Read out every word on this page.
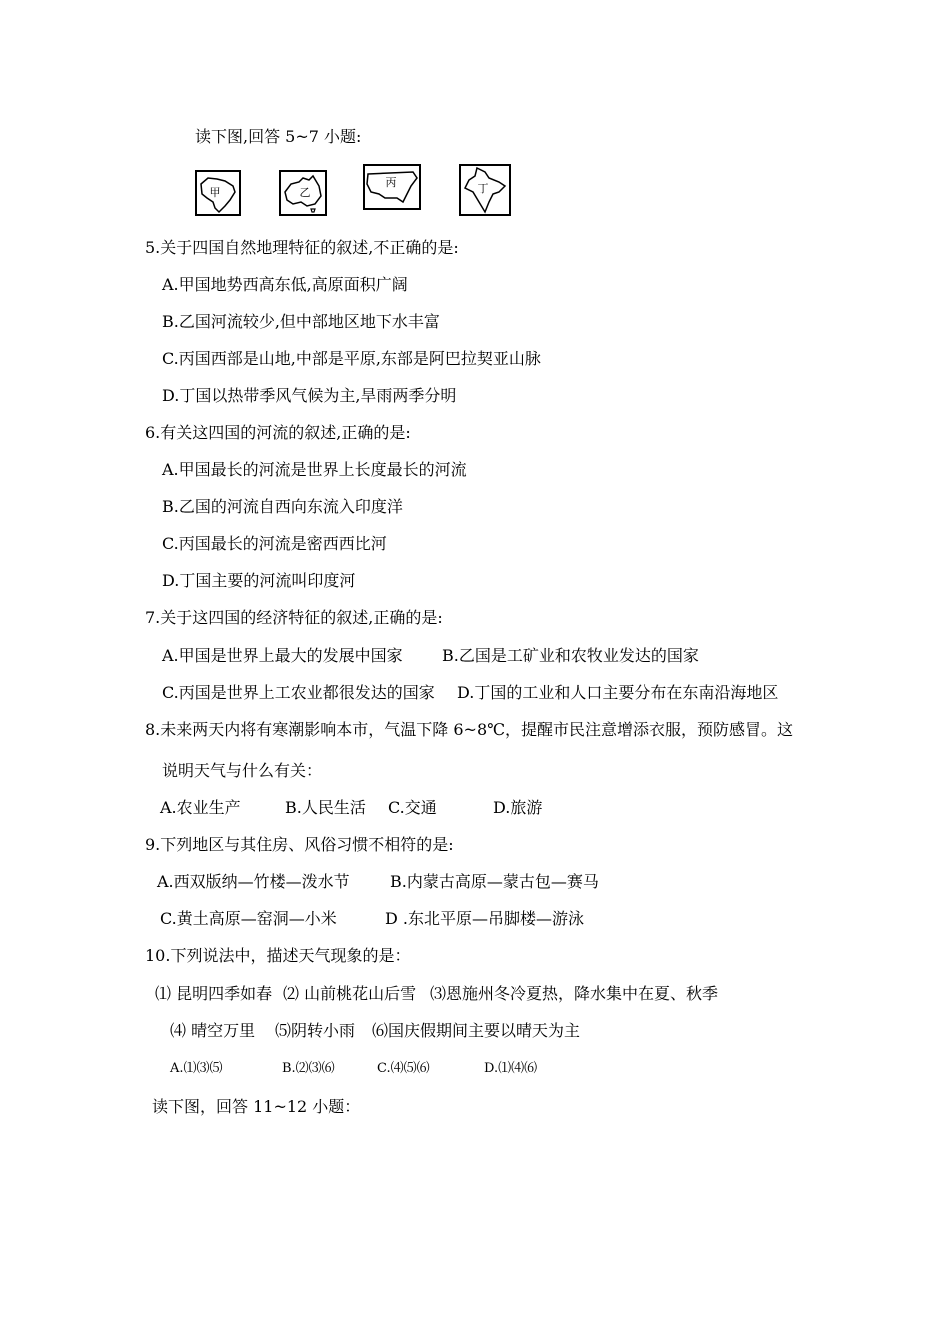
读下图,回答 5~7 小题:
甲	乙
丙	丁
5.关于四国自然地理特征的叙述,不正确的是:
A.甲国地势西高东低,高原面积广阔
B.乙国河流较少,但中部地区地下水丰富
C.丙国西部是山地,中部是平原,东部是阿巴拉契亚山脉
D.丁国以热带季风气候为主,旱雨两季分明
6.有关这四国的河流的叙述,正确的是:
A.甲国最长的河流是世界上长度最长的河流
B.乙国的河流自西向东流入印度洋
C.丙国最长的河流是密西西比河
D.丁国主要的河流叫印度河
7.关于这四国的经济特征的叙述,正确的是:
A.甲国是世界上最大的发展中国家 B.乙国是工矿业和农牧业发达的国家
C.丙国是世界上工农业都很发达的国家 D.丁国的工业和人口主要分布在东南沿海地区
8.未来两天内将有寒潮影响本市，气温下降 6~8℃，提醒市民注意增添衣服，预防感冒。这
说明天气与什么有关：
A.农业生产	B.人民生活 C.交通	D.旅游
9.下列地区与其住房、风俗习惯不相符的是:
A.西双版纳—竹楼—泼水节	B.内蒙古高原—蒙古包—赛马
C.黄土高原—窑洞—小米	D .东北平原—吊脚楼—游泳
10.下列说法中，描述天气现象的是：
⑴ 昆明四季如春 ⑵ 山前桃花山后雪 ⑶恩施州冬冷夏热，降水集中在夏、秋季
⑷ 晴空万里 ⑸阴转小雨 ⑹国庆假期间主要以晴天为主
A.⑴⑶⑸	B.⑵⑶⑹	C.⑷⑸⑹	D.⑴⑷⑹
读下图，回答 11~12 小题：
